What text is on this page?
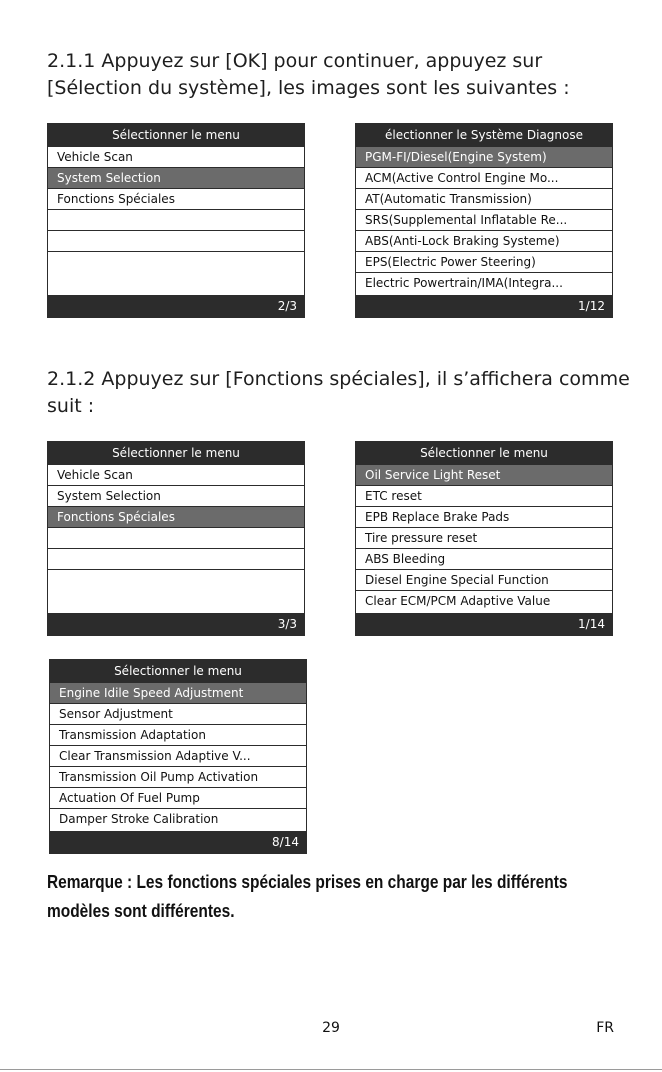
2.1.1 Appuyez sur [OK] pour continuer, appuyez sur
[Sélection du système], les images sont les suivantes :
Sélectionner le menu
Vehicle Scan
System Selection
Fonctions Spéciales
2/3
électionner le Système Diagnose
PGM-FI/Diesel(Engine System)
ACM(Active Control Engine Mo...
AT(Automatic Transmission)
SRS(Supplemental Inflatable Re...
ABS(Anti-Lock Braking Systeme)
EPS(Electric Power Steering)
Electric Powertrain/IMA(Integra...
1/12
2.1.2 Appuyez sur [Fonctions spéciales], il s’affichera comme
suit :
Sélectionner le menu
Vehicle Scan
System Selection
Fonctions Spéciales
3/3
Sélectionner le menu
Oil Service Light Reset
ETC reset
EPB Replace Brake Pads
Tire pressure reset
ABS Bleeding
Diesel Engine Special Function
Clear ECM/PCM Adaptive Value
1/14
Sélectionner le menu
Engine Idile Speed Adjustment
Sensor Adjustment
Transmission Adaptation
Clear Transmission Adaptive V...
Transmission Oil Pump Activation
Actuation Of Fuel Pump
Damper Stroke Calibration
8/14
Remarque : Les fonctions spéciales prises en charge par les différents
modèles sont différentes.
29	FR
